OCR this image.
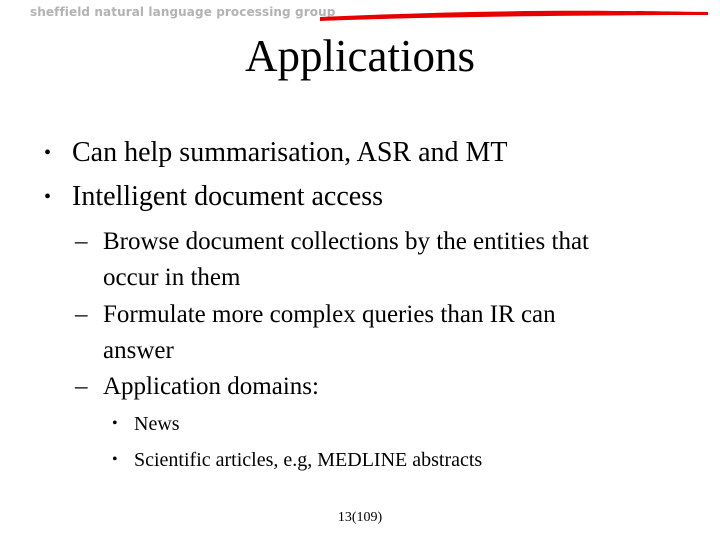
sheffield natural language processing group
Applications
• Can help summarisation, ASR and MT
• Intelligent document access
– Browse document collections by the entities that
occur in them
– Formulate more complex queries than IR can
answer
– Application domains:
• News
• Scientific articles, e.g, MEDLINE abstracts
13(109)
